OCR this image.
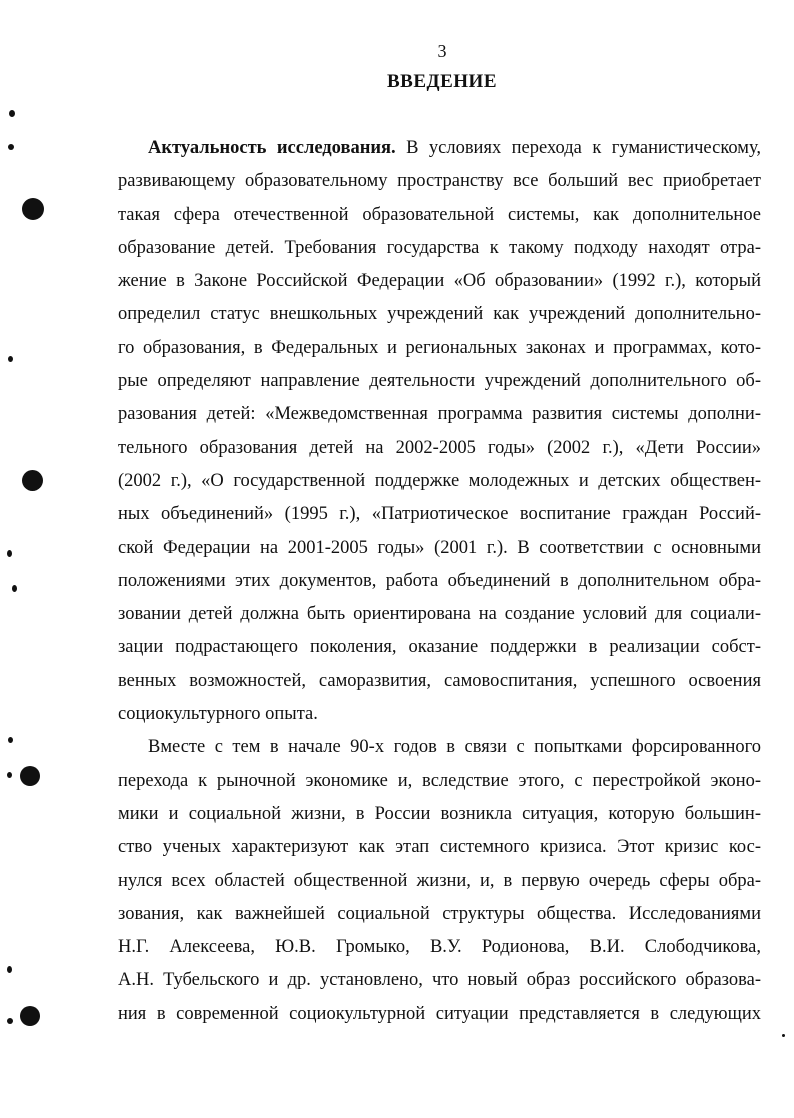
3
ВВЕДЕНИЕ
Актуальность исследования. В условиях перехода к гуманистическому,
развивающему образовательному пространству все больший вес приобретает
такая сфера отечественной образовательной системы, как дополнительное
образование детей. Требования государства к такому подходу находят отра-
жение в Законе Российской Федерации «Об образовании» (1992 г.), который
определил статус внешкольных учреждений как учреждений дополнительно-
го образования, в Федеральных и региональных законах и программах, кото-
рые определяют направление деятельности учреждений дополнительного об-
разования детей: «Межведомственная программа развития системы дополни-
тельного образования детей на 2002-2005 годы» (2002 г.), «Дети России»
(2002 г.), «О государственной поддержке молодежных и детских обществен-
ных объединений» (1995 г.), «Патриотическое воспитание граждан Россий-
ской Федерации на 2001-2005 годы» (2001 г.). В соответствии с основными
положениями этих документов, работа объединений в дополнительном обра-
зовании детей должна быть ориентирована на создание условий для социали-
зации подрастающего поколения, оказание поддержки в реализации собст-
венных возможностей, саморазвития, самовоспитания, успешного освоения
социокультурного опыта.
Вместе с тем в начале 90-х годов в связи с попытками форсированного
перехода к рыночной экономике и, вследствие этого, с перестройкой эконо-
мики и социальной жизни, в России возникла ситуация, которую большин-
ство ученых характеризуют как этап системного кризиса. Этот кризис кос-
нулся всех областей общественной жизни, и, в первую очередь сферы обра-
зования, как важнейшей социальной структуры общества. Исследованиями
Н.Г. Алексеева, Ю.В. Громыко, В.У. Родионова, В.И. Слободчикова,
А.Н. Тубельского и др. установлено, что новый образ российского образова-
ния в современной социокультурной ситуации представляется в следующих
